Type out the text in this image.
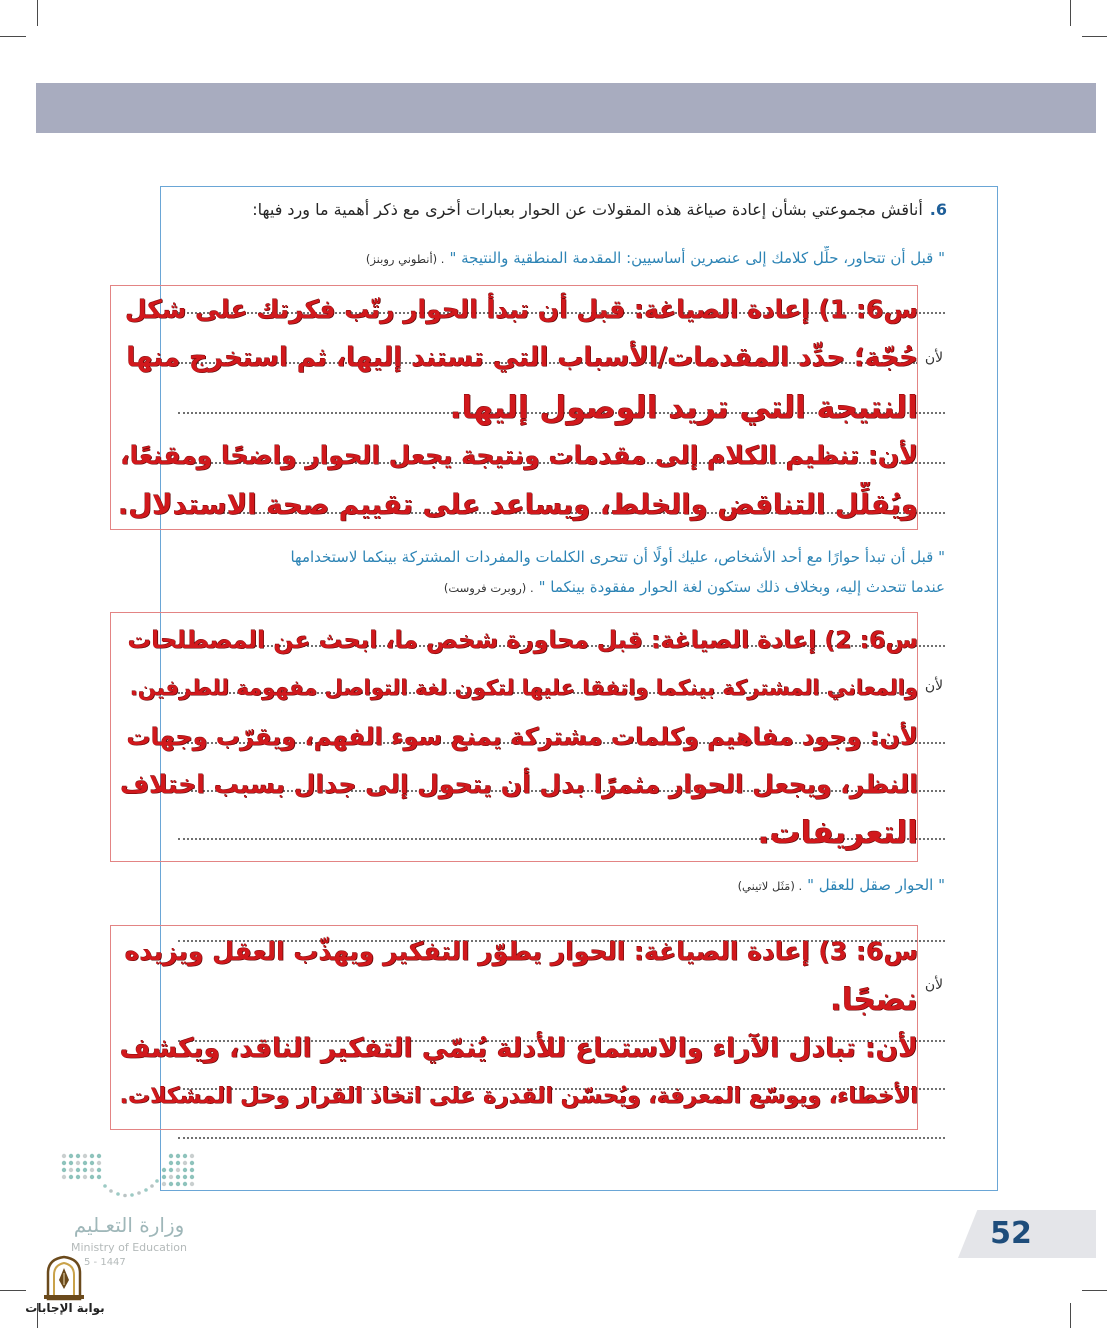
6.أناقش مجموعتي بشأن إعادة صياغة هذه المقولات عن الحوار بعبارات أخرى مع ذكر أهمية ما ورد فيها:
وزارة التعـليم
Ministry of Education
5 - 1447
بوابة الإجابات
52
" قبل أن تتحاور، حلِّل كلامك إلى عنصرين أساسيين: المقدمة المنطقية والنتيجة ". (أنطوني روبنز)
لأن
س6: 1) إعادة الصياغة: قبل أن تبدأ الحوار رتّب فكرتك على شكل
حُجّة؛ حدِّد المقدمات/الأسباب التي تستند إليها، ثم استخرج منها
النتيجة التي تريد الوصول إليها.
لأن: تنظيم الكلام إلى مقدمات ونتيجة يجعل الحوار واضحًا ومقنعًا،
ويُقلِّل التناقض والخلط، ويساعد على تقييم صحة الاستدلال.
" قبل أن تبدأ حوارًا مع أحد الأشخاص، عليك أولًا أن تتحرى الكلمات والمفردات المشتركة بينكما لاستخدامها
عندما تتحدث إليه، وبخلاف ذلك ستكون لغة الحوار مفقودة بينكما ". (روبرت فروست)
لأن
س6: 2) إعادة الصياغة: قبل محاورة شخص ما، ابحث عن المصطلحات
والمعاني المشتركة بينكما واتفقا عليها لتكون لغة التواصل مفهومة للطرفين.
لأن: وجود مفاهيم وكلمات مشتركة يمنع سوء الفهم، ويقرّب وجهات
النظر، ويجعل الحوار مثمرًا بدل أن يتحول إلى جدال بسبب اختلاف
التعريفات.
" الحوار صقل للعقل ". (مَثَل لاتيني)
لأن
س6: 3) إعادة الصياغة: الحوار يطوّر التفكير ويهذّب العقل ويزيده
نضجًا.
لأن: تبادل الآراء والاستماع للأدلة يُنمّي التفكير الناقد، ويكشف
الأخطاء، ويوسّع المعرفة، ويُحسّن القدرة على اتخاذ القرار وحل المشكلات.
